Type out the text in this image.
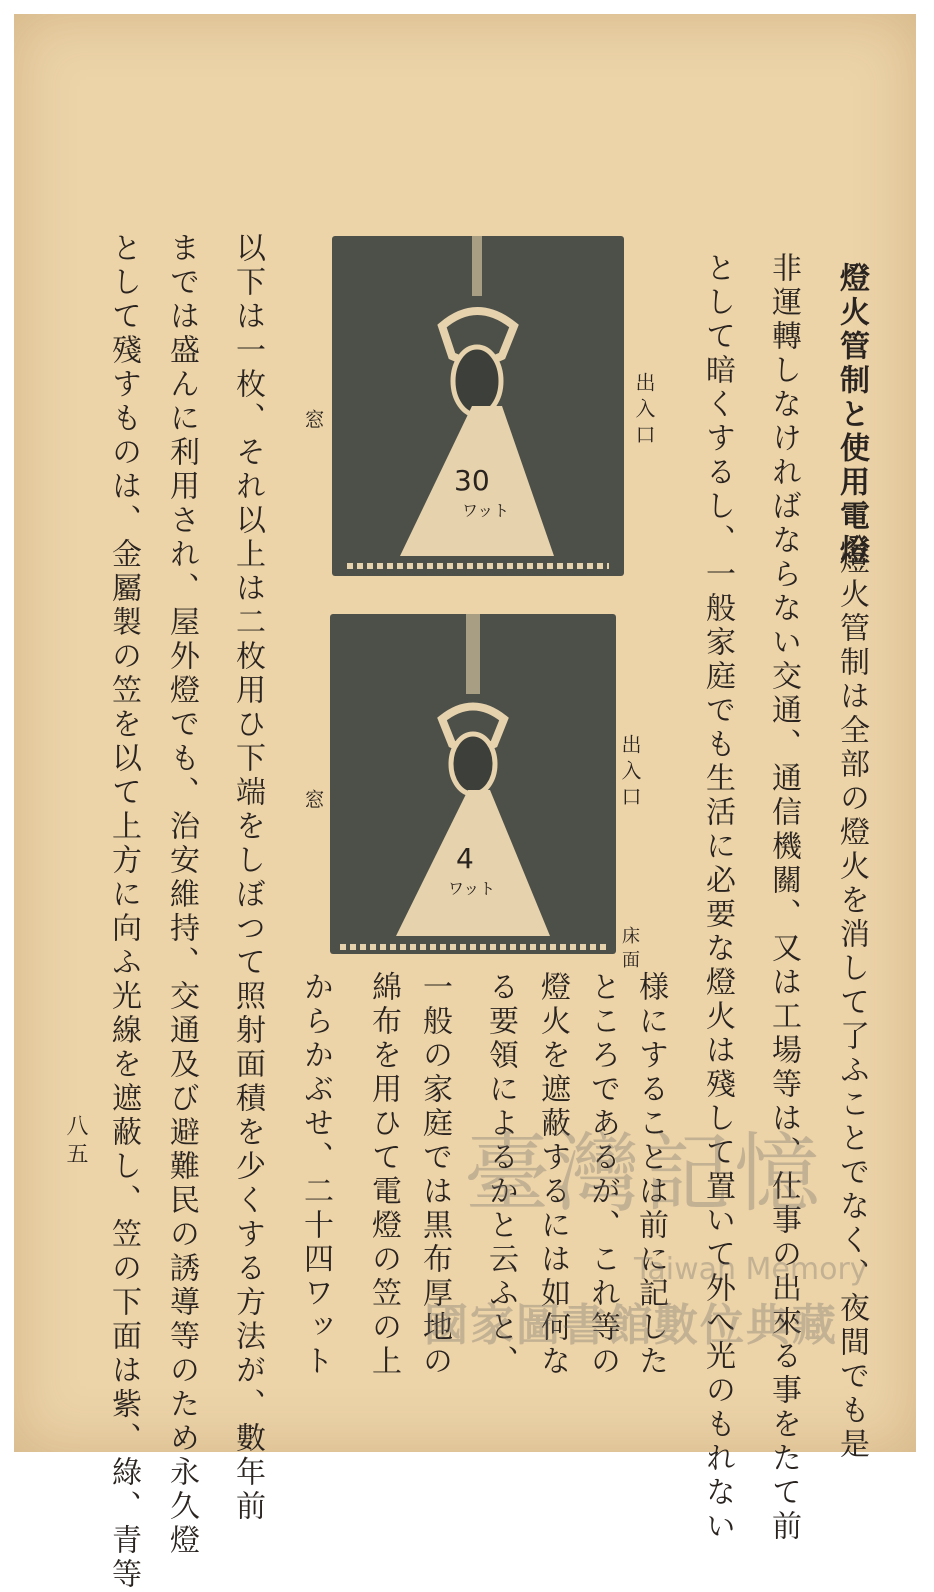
燈火管制と使用電燈
燈火管制は全部の燈火を消して了ふことでなく、夜間でも是
非運轉しなければならない交通、通信機關、又は工場等は、仕事の出來る事をたて前
として暗くするし、一般家庭でも生活に必要な燈火は殘して置いて外へ光のもれない
様にすることは前に記した
ところであるが、これ等の
燈火を遮蔽するには如何な
る要領によるかと云ふと、
一般の家庭では黒布厚地の
綿布を用ひて電燈の笠の上
からかぶせ、二十四ワット
以下は一枚、それ以上は二枚用ひ下端をしぼつて照射面積を少くする方法が、數年前
までは盛んに利用され、屋外燈でも、治安維持、交通及び避難民の誘導等のため永久燈
として殘すものは、金屬製の笠を以て上方に向ふ光線を遮蔽し、笠の下面は紫、綠、青等
八五
30
ワット
窓	出入口
4
ワット
窓	出入口
床面
臺灣記憶
Taiwan Memory
國家圖書館數位典藏
